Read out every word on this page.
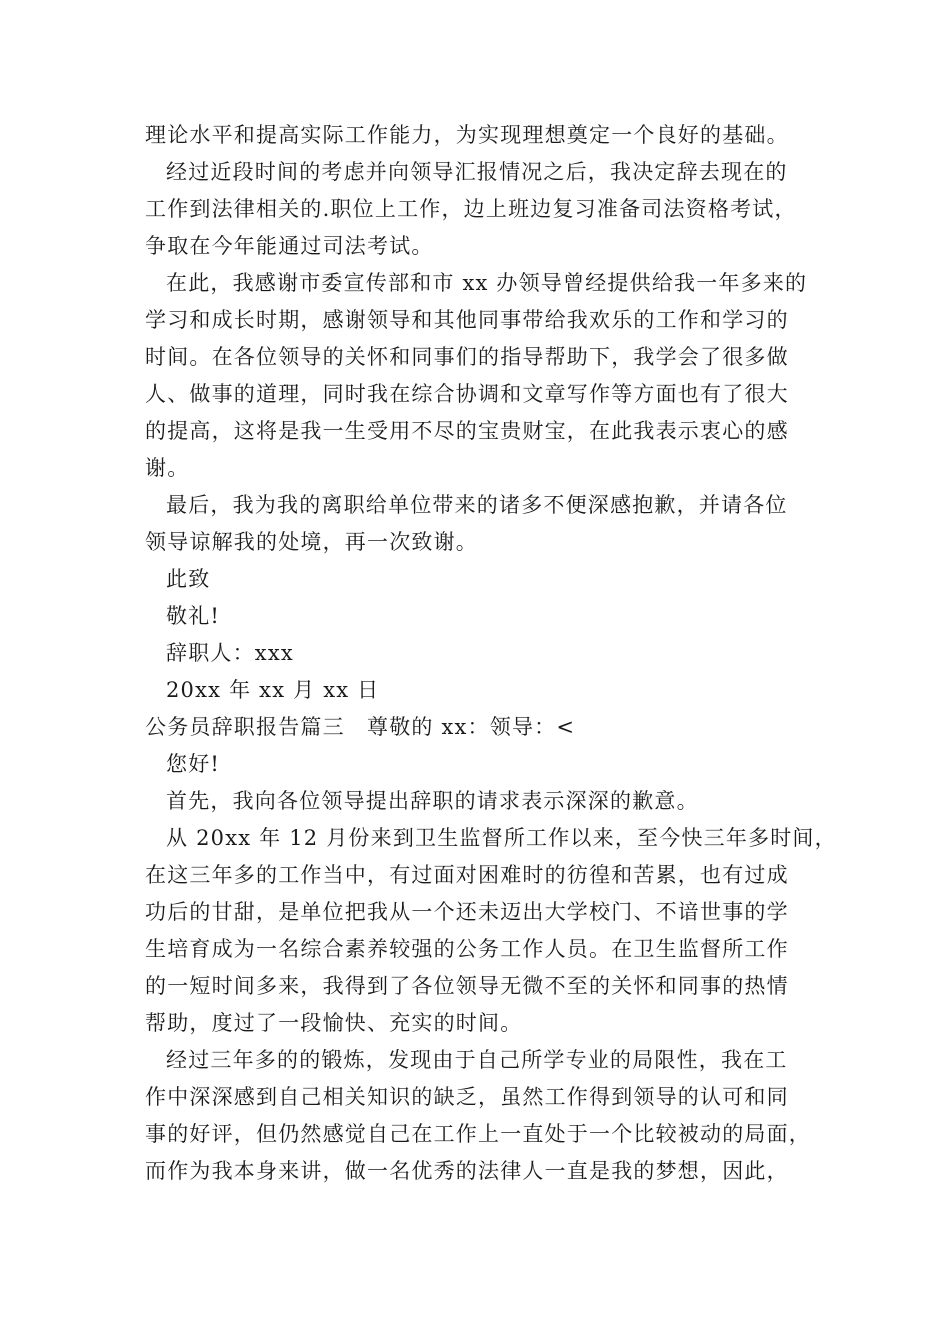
理论水平和提高实际工作能力，为实现理想奠定一个良好的基础。
经过近段时间的考虑并向领导汇报情况之后，我决定辞去现在的
工作到法律相关的.职位上工作，边上班边复习准备司法资格考试，
争取在今年能通过司法考试。
在此，我感谢市委宣传部和市 xx 办领导曾经提供给我一年多来的
学习和成长时期，感谢领导和其他同事带给我欢乐的工作和学习的
时间。在各位领导的关怀和同事们的指导帮助下，我学会了很多做
人、做事的道理，同时我在综合协调和文章写作等方面也有了很大
的提高，这将是我一生受用不尽的宝贵财宝，在此我表示衷心的感
谢。
最后，我为我的离职给单位带来的诸多不便深感抱歉，并请各位
领导谅解我的处境，再一次致谢。
此致
敬礼!
辞职人：xxx
20xx 年 xx 月 xx 日
公务员辞职报告篇三　尊敬的 xx：领导：<
您好!
首先，我向各位领导提出辞职的请求表示深深的歉意。
从 20xx 年 12 月份来到卫生监督所工作以来，至今快三年多时间，
在这三年多的工作当中，有过面对困难时的彷徨和苦累，也有过成
功后的甘甜，是单位把我从一个还未迈出大学校门、不谙世事的学
生培育成为一名综合素养较强的公务工作人员。在卫生监督所工作
的一短时间多来，我得到了各位领导无微不至的关怀和同事的热情
帮助，度过了一段愉快、充实的时间。
经过三年多的的锻炼，发现由于自己所学专业的局限性，我在工
作中深深感到自己相关知识的缺乏，虽然工作得到领导的认可和同
事的好评，但仍然感觉自己在工作上一直处于一个比较被动的局面，
而作为我本身来讲，做一名优秀的法律人一直是我的梦想，因此，
